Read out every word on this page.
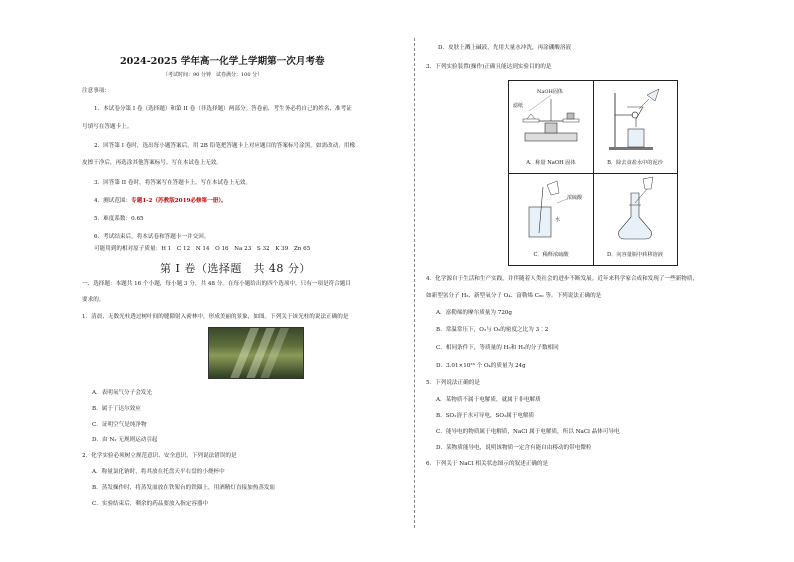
2024-2025 学年高一化学上学期第一次月考卷
（考试时间：90 分钟　试卷满分：100 分）
注意事项：
1．本试卷分第 I 卷（选择题）和第 II 卷（非选择题）两部分。答卷前，考生务必将自己的姓名、准考证
号填写在答题卡上。
2．回答第 I 卷时，选出每小题答案后，用 2B 铅笔把答题卡上对应题目的答案标号涂黑。如需改动，用橡
皮擦干净后，再选涂其他答案标号。写在本试卷上无效。
3．回答第 II 卷时，将答案写在答题卡上。写在本试卷上无效。
4．测试范围：专题1-2（苏教版2019必修第一册）。
5．难度系数：0.65
6．考试结束后，将本试卷和答题卡一并交回。
可能用到的相对原子质量：H 1　C 12　N 14　O 16　Na 23　S 32　K 39　Zn 65
第 I 卷（选择题　共 48 分）
一、选择题：本题共 16 个小题，每小题 3 分，共 48 分。在每小题给出的四个选项中，只有一项是符合题目
要求的。
1．清晨，无数光柱透过树叶间的缝隙射入密林中，形成美丽的景象，如图。下列关于该光柱的说法正确的是
A．表明氧气分子会发光
B．属于丁达尔效应
C．证明空气是纯净物
D．由 N₂ 无规则运动引起
2．化学实验必须树立规范意识、安全意识。下列说法错误的是
A．称量氯化钠时，将其放在托盘天平右盘的小烧杯中
B．蒸发操作时，将蒸发皿放在铁架台的铁圈上，用酒精灯直接加热蒸发皿
C．实验结束后，剩余的药品要放入指定容器中
D．皮肤上溅上碱液，先用大量水冲洗，再涂硼酸溶液
3．下列实验装置(操作)正确且能达到实验目的的是
NaOH固体
滤纸
A．称量 NaOH 固体	B．除去食盐水中的泥沙
浓硫酸
水
C．稀释浓硫酸	D．向容量瓶中转移溶液
4．化学源自于生活和生产实践，并伴随着人类社会的进步不断发展。近年来科学家合成和发现了一些新物质，
如新型氢分子 H₃、新型氧分子 O₄、富勒烯 C₆₀ 等。下列说法正确的是
A．富勒烯的摩尔质量为 720g
B．常温常压下，O₂与 O₃的密度之比为 3∶2
C．相同条件下，等质量的 H₃和 H₂的分子数相同
D．3.01×10²³ 个 O₄的质量为 24g
5．下列说法正确的是
A．某物质不属于电解质，就属于非电解质
B．SO₂溶于水可导电，SO₂属于电解质
C．能导电的物质属于电解质，NaCl 属于电解质，所以 NaCl 晶体可导电
D．某物质能导电，说明该物质一定含有能自由移动的带电微粒
6．下列关于 NaCl 相关状态图示的叙述正确的是
